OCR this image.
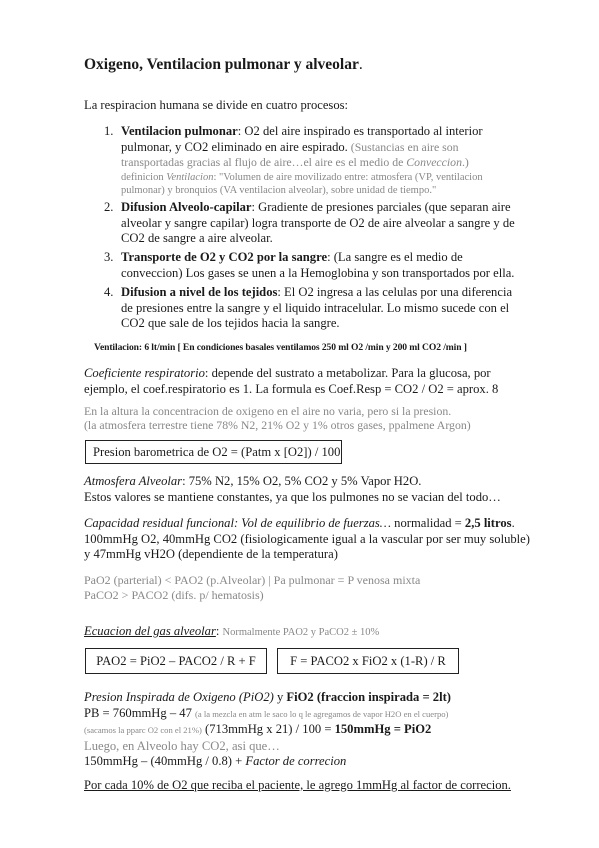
Oxigeno, Ventilacion pulmonar y alveolar.
La respiracion humana se divide en cuatro procesos:
1. Ventilacion pulmonar: O2 del aire inspirado es transportado al interior pulmonar, y CO2 eliminado en aire espirado. (Sustancias en aire son transportadas gracias al flujo de aire…el aire es el medio de Conveccion.)
definicion Ventilacion: "Volumen de aire movilizado entre: atmosfera (VP, ventilacion pulmonar) y bronquios (VA ventilacion alveolar), sobre unidad de tiempo."
2. Difusion Alveolo-capilar: Gradiente de presiones parciales (que separan aire alveolar y sangre capilar) logra transporte de O2 de aire alveolar a sangre y de CO2 de sangre a aire alveolar.
3. Transporte de O2 y CO2 por la sangre: (La sangre es el medio de conveccion) Los gases se unen a la Hemoglobina y son transportados por ella.
4. Difusion a nivel de los tejidos: El O2 ingresa a las celulas por una diferencia de presiones entre la sangre y el liquido intracelular. Lo mismo sucede con el CO2 que sale de los tejidos hacia la sangre.
Ventilacion: 6 lt/min [ En condiciones basales ventilamos 250 ml O2 /min y 200 ml CO2 /min ]
Coeficiente respiratorio: depende del sustrato a metabolizar. Para la glucosa, por ejemplo, el coef.respiratorio es 1. La formula es Coef.Resp = CO2 / O2 = aprox. 8
En la altura la concentracion de oxigeno en el aire no varia, pero si la presion.
(la atmosfera terrestre tiene 78% N2, 21% O2 y 1% otros gases, ppalmene Argon)
Presion barometrica de O2 = (Patm x [O2]) / 100
Atmosfera Alveolar: 75% N2, 15% O2, 5% CO2 y 5% Vapor H2O.
Estos valores se mantiene constantes, ya que los pulmones no se vacian del todo…
Capacidad residual funcional: Vol de equilibrio de fuerzas… normalidad = 2,5 litros.
100mmHg O2, 40mmHg CO2 (fisiologicamente igual a la vascular por ser muy soluble)
y 47mmHg vH2O (dependiente de la temperatura)
PaO2 (parterial) < PAO2 (p.Alveolar) | Pa pulmonar = P venosa mixta
PaCO2 > PACO2 (difs. p/ hematosis)
Ecuacion del gas alveolar: Normalmente PAO2 y PaCO2 ± 10%
PAO2 = PiO2 – PACO2 / R + F	F = PACO2 x FiO2 x (1-R) / R
Presion Inspirada de Oxigeno (PiO2) y FiO2 (fraccion inspirada = 2lt)
PB = 760mmHg – 47 (a la mezcla en atm le saco lo q le agregamos de vapor H2O en el cuerpo)
(sacamos la pparc O2 con el 21%) (713mmHg x 21) / 100 = 150mmHg = PiO2
Luego, en Alveolo hay CO2, asi que…
150mmHg – (40mmHg / 0.8) + Factor de correcion
Por cada 10% de O2 que reciba el paciente, le agrego 1mmHg al factor de correcion.
